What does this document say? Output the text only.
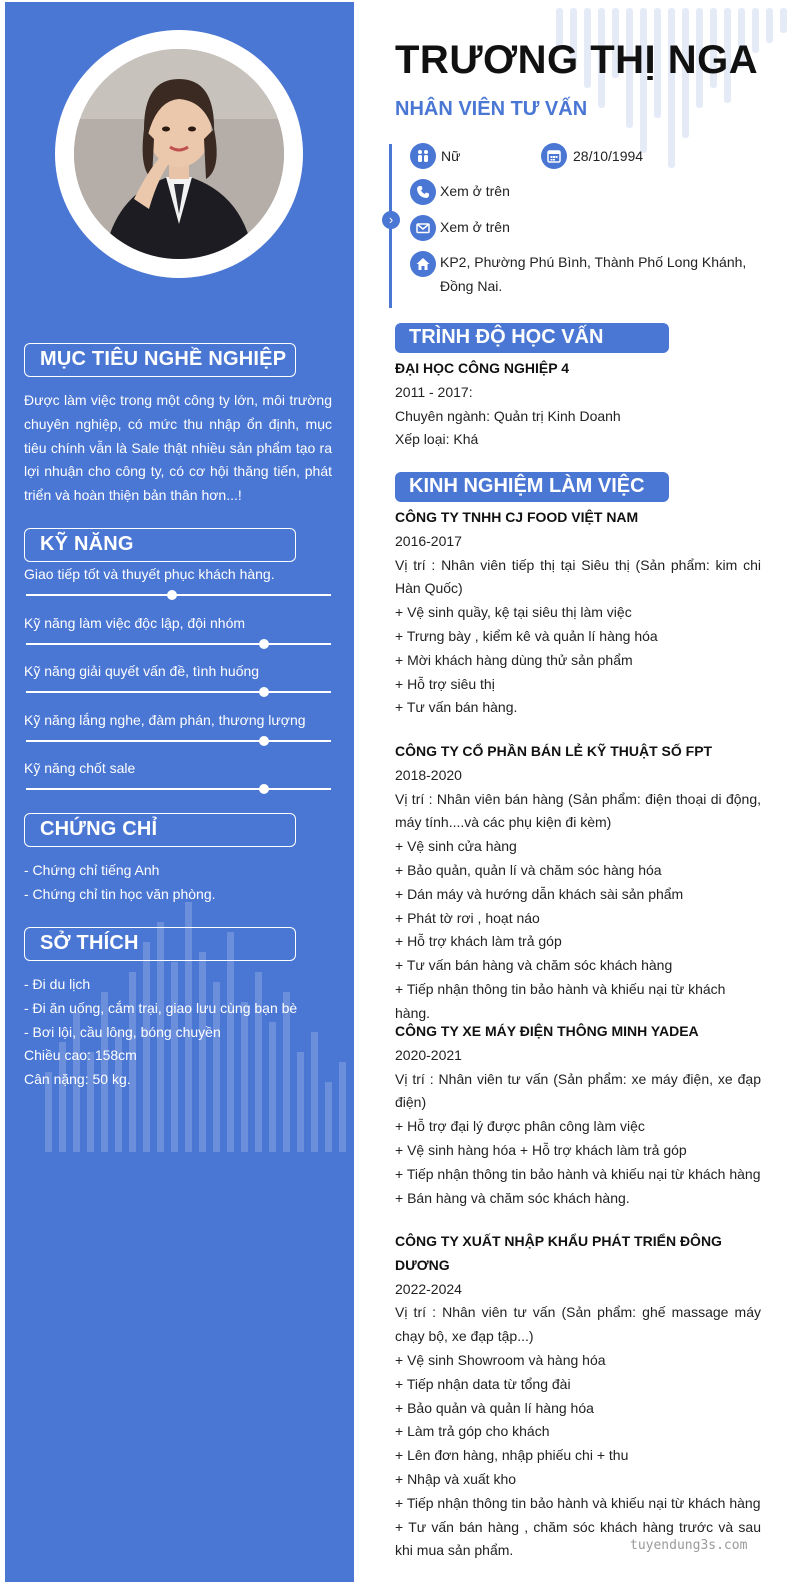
MỤC TIÊU NGHỀ NGHIỆP
Được làm việc trong một công ty lớn, môi trường chuyên nghiệp, có mức thu nhập ổn định, mục tiêu chính vẫn là Sale thật nhiều sản phẩm tạo ra lợi nhuận cho công ty, có cơ hội thăng tiến, phát triển và hoàn thiện bản thân hơn...!
KỸ NĂNG
Giao tiếp tốt và thuyết phục khách hàng.
Kỹ năng làm việc độc lập, đội nhóm
Kỹ năng giải quyết vấn đề, tình huống
Kỹ năng lắng nghe, đàm phán, thương lượng
Kỹ năng chốt sale
CHỨNG CHỈ
- Chứng chỉ tiếng Anh
- Chứng chỉ tin học văn phòng.
SỞ THÍCH
- Đi du lịch
- Đi ăn uống, cắm trại, giao lưu cùng bạn bè
- Bơi lội, cầu lông, bóng chuyền
Chiều cao: 158cm
Cân nặng: 50 kg.
TRƯƠNG THỊ NGA
NHÂN VIÊN TƯ VẤN
›
Nữ	28/10/1994
Xem ở trên
Xem ở trên
KP2, Phường Phú Bình, Thành Phố Long Khánh,
Đồng Nai.
TRÌNH ĐỘ HỌC VẤN

ĐẠI HỌC CÔNG NGHIỆP 4

2011 - 2017:

Chuyên ngành: Quản trị Kinh Doanh

Xếp loại: Khá

KINH NGHIỆM LÀM VIỆC

CÔNG TY TNHH CJ FOOD VIỆT NAM

2016-2017

Vị trí : Nhân viên tiếp thị tại Siêu thị (Sản phẩm: kim chi Hàn Quốc)

+ Vệ sinh quầy, kệ tại siêu thị làm việc

+ Trưng bày , kiểm kê và quản lí hàng hóa

+ Mời khách hàng dùng thử sản phẩm

+ Hỗ trợ siêu thị

+ Tư vấn bán hàng.

CÔNG TY CỔ PHẦN BÁN LẺ KỸ THUẬT SỐ FPT

2018-2020

Vị trí : Nhân viên bán hàng (Sản phẩm: điện thoại di động, máy tính....và các phụ kiện đi kèm)

+ Vệ sinh cửa hàng

+ Bảo quản, quản lí và chăm sóc hàng hóa

+ Dán máy và hướng dẫn khách sài sản phẩm

+ Phát tờ rơi , hoạt náo

+ Hỗ trợ khách làm trả góp

+ Tư vấn bán hàng và chăm sóc khách hàng

+ Tiếp nhận thông tin bảo hành và khiếu nại từ khách hàng.

CÔNG TY XE MÁY ĐIỆN THÔNG MINH YADEA

2020-2021

Vị trí : Nhân viên tư vấn (Sản phẩm: xe máy điện, xe đạp điện)

+ Hỗ trợ đại lý được phân công làm việc

+ Vệ sinh hàng hóa + Hỗ trợ khách làm trả góp

+ Tiếp nhận thông tin bảo hành và khiếu nại từ khách hàng

+ Bán hàng và chăm sóc khách hàng.

CÔNG TY XUẤT NHẬP KHẨU PHÁT TRIỂN ĐÔNG DƯƠNG

2022-2024

Vị trí : Nhân viên tư vấn (Sản phẩm: ghế massage máy chạy bộ, xe đạp tập...)

+ Vệ sinh Showroom và hàng hóa

+ Tiếp nhận data từ tổng đài

+ Bảo quản và quản lí hàng hóa

+ Làm trả góp cho khách

+ Lên đơn hàng, nhập phiếu chi + thu

+ Nhập và xuất kho

+ Tiếp nhận thông tin bảo hành và khiếu nại từ khách hàng

+ Tư vấn bán hàng , chăm sóc khách hàng trước và sau khi mua sản phẩm.	tuyendung3s.com
